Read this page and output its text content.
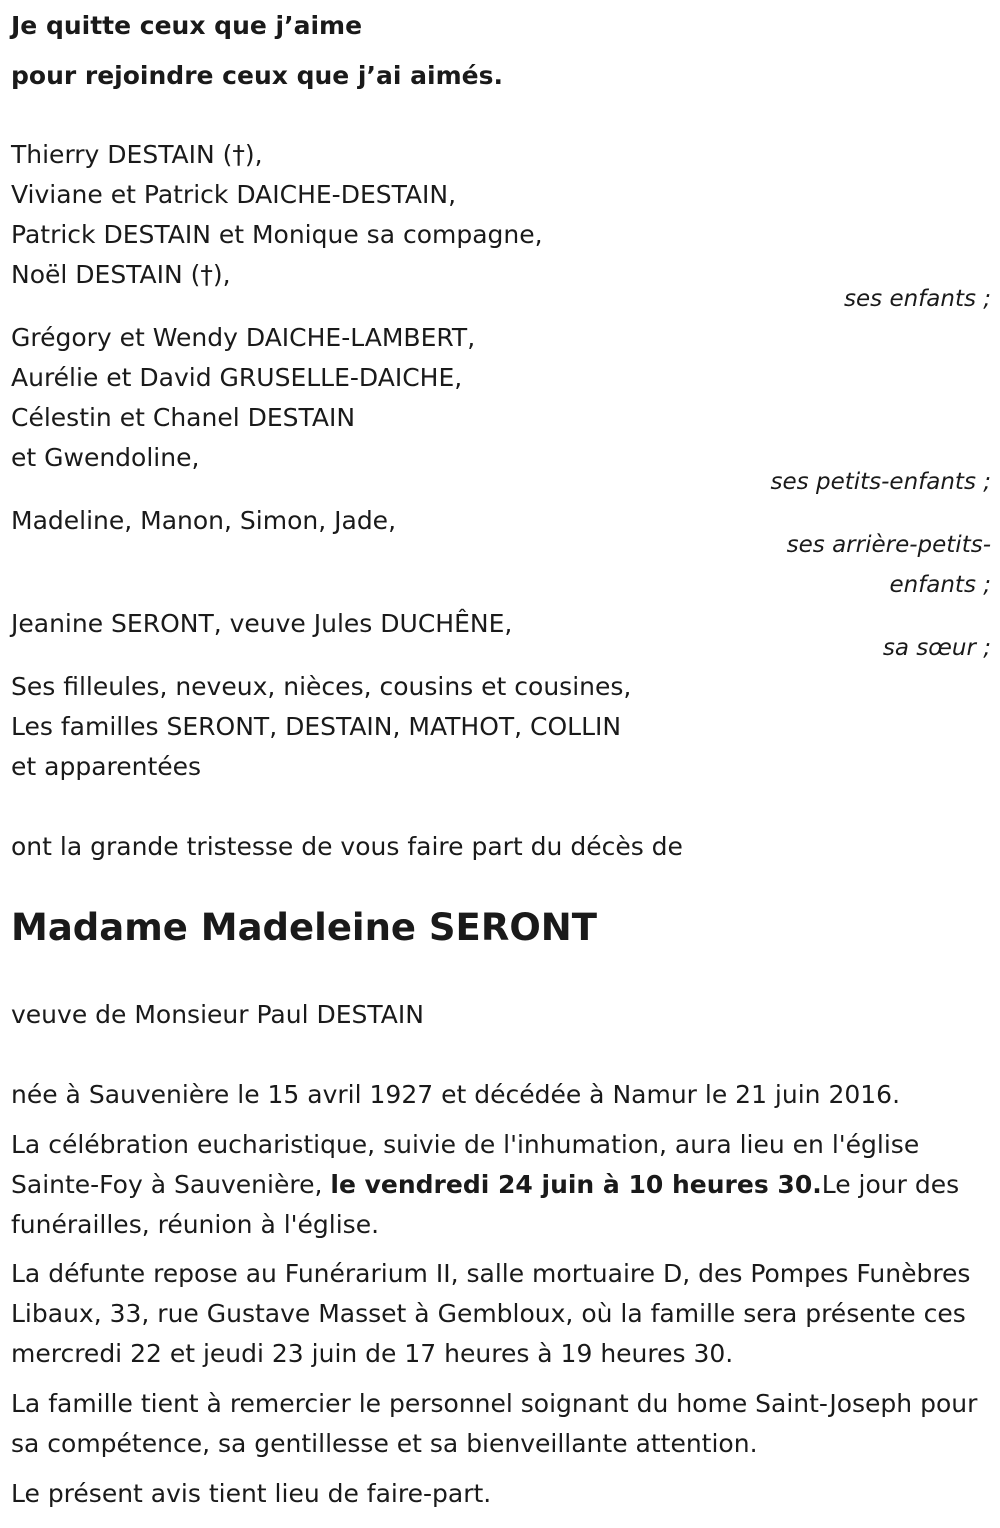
Je quitte ceux que j’aime
pour rejoindre ceux que j’ai aimés.
Thierry DESTAIN (†),
Viviane et Patrick DAICHE-DESTAIN,
Patrick DESTAIN et Monique sa compagne,
Noël DESTAIN (†),
ses enfants ;
Grégory et Wendy DAICHE-LAMBERT,
Aurélie et David GRUSELLE-DAICHE,
Célestin et Chanel DESTAIN
et Gwendoline,
ses petits-enfants ;
Madeline, Manon, Simon, Jade,
ses arrière-petits-
enfants ;
Jeanine SERONT, veuve Jules DUCHÊNE,
sa sœur ;
Ses filleules, neveux, nièces, cousins et cousines,
Les familles SERONT, DESTAIN, MATHOT, COLLIN
et apparentées
ont la grande tristesse de vous faire part du décès de
Madame Madeleine SERONT
veuve de Monsieur Paul DESTAIN
née à Sauvenière le 15 avril 1927 et décédée à Namur le 21 juin 2016.
La célébration eucharistique, suivie de l'inhumation, aura lieu en l'église Sainte-Foy à Sauvenière, le vendredi 24 juin à 10 heures 30.Le jour des funérailles, réunion à l'église.
La défunte repose au Funérarium II, salle mortuaire D, des Pompes Funèbres Libaux, 33, rue Gustave Masset à Gembloux, où la famille sera présente ces mercredi 22 et jeudi 23 juin de 17 heures à 19 heures 30.
La famille tient à remercier le personnel soignant du home Saint-Joseph pour sa compétence, sa gentillesse et sa bienveillante attention.
Le présent avis tient lieu de faire-part.
